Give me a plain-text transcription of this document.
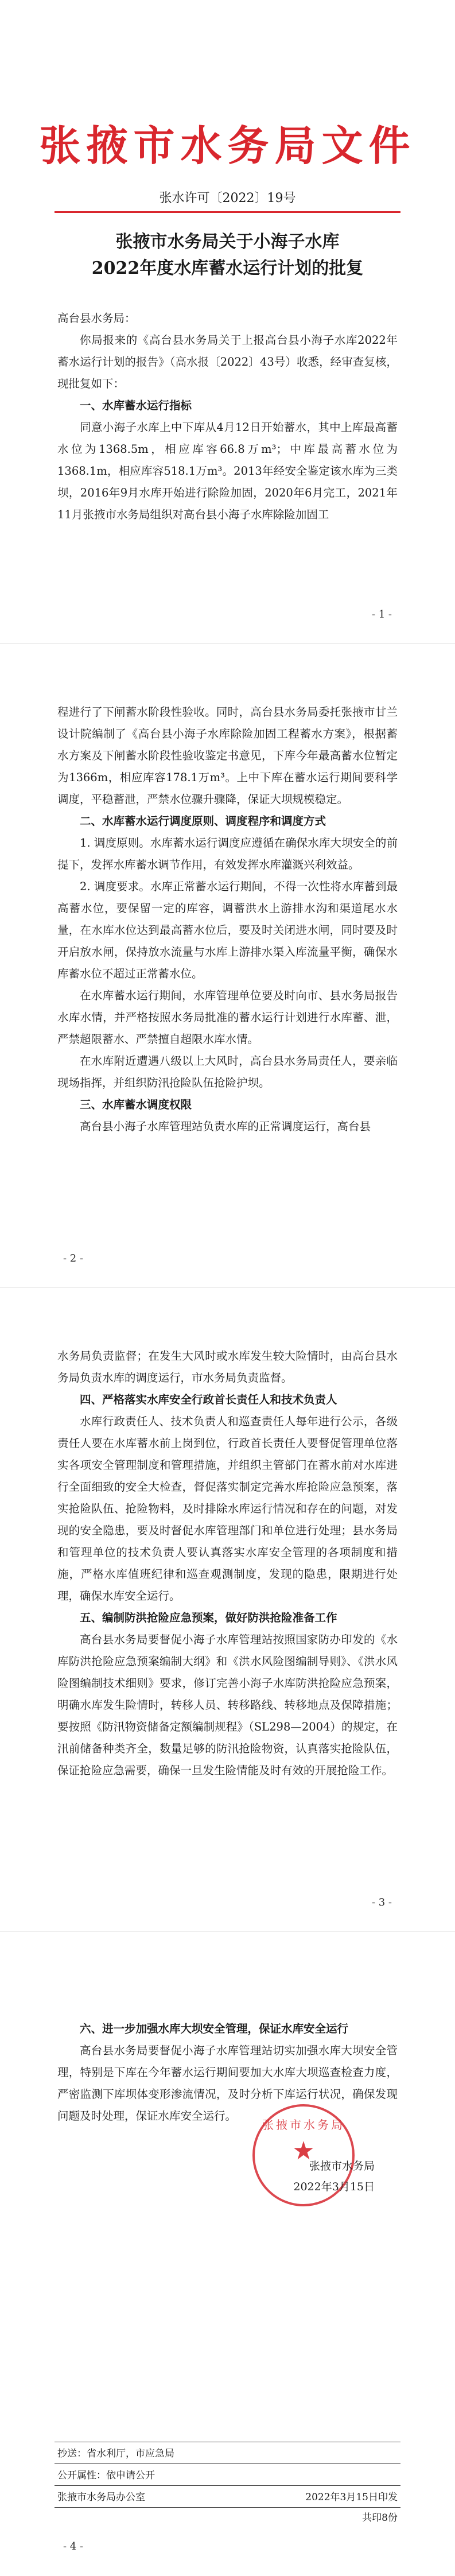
张掖市水务局文件
张水许可〔2022〕19号
张掖市水务局关于小海子水库
2022年度水库蓄水运行计划的批复

高台县水务局：

你局报来的《高台县水务局关于上报高台县小海子水库2022年蓄水运行计划的报告》（高水报〔2022〕43号）收悉，经审查复核，现批复如下：

一、水库蓄水运行指标

同意小海子水库上中下库从4月12日开始蓄水，其中上库最高蓄水位为1368.5m，相应库容66.8万m³；中库最高蓄水位为1368.1m，相应库容518.1万m³。2013年经安全鉴定该水库为三类坝，2016年9月水库开始进行除险加固，2020年6月完工，2021年11月张掖市水务局组织对高台县小海子水库除险加固工

- 1 -

程进行了下闸蓄水阶段性验收。同时，高台县水务局委托张掖市甘兰设计院编制了《高台县小海子水库除险加固工程蓄水方案》，根据蓄水方案及下闸蓄水阶段性验收鉴定书意见，下库今年最高蓄水位暂定为1366m，相应库容178.1万m³。上中下库在蓄水运行期间要科学调度，平稳蓄泄，严禁水位骤升骤降，保证大坝规模稳定。

二、水库蓄水运行调度原则、调度程序和调度方式

1. 调度原则。水库蓄水运行调度应遵循在确保水库大坝安全的前提下，发挥水库蓄水调节作用，有效发挥水库灌溉兴利效益。

2. 调度要求。水库正常蓄水运行期间，不得一次性将水库蓄到最高蓄水位，要保留一定的库容，调蓄洪水上游排水沟和渠道尾水水量，在水库水位达到最高蓄水位后，要及时关闭进水闸，同时要及时开启放水闸，保持放水流量与水库上游排水渠入库流量平衡，确保水库蓄水位不超过正常蓄水位。

在水库蓄水运行期间，水库管理单位要及时向市、县水务局报告水库水情，并严格按照水务局批准的蓄水运行计划进行水库蓄、泄，严禁超限蓄水、严禁擅自超限水库水情。

在水库附近遭遇八级以上大风时，高台县水务局责任人，要亲临现场指挥，并组织防汛抢险队伍抢险护坝。

三、水库蓄水调度权限

高台县小海子水库管理站负责水库的正常调度运行，高台县

- 2 -

水务局负责监督；在发生大风时或水库发生较大险情时，由高台县水务局负责水库的调度运行，市水务局负责监督。

四、严格落实水库安全行政首长责任人和技术负责人

水库行政责任人、技术负责人和巡查责任人每年进行公示，各级责任人要在水库蓄水前上岗到位，行政首长责任人要督促管理单位落实各项安全管理制度和管理措施，并组织主管部门在蓄水前对水库进行全面细致的安全大检查，督促落实制定完善水库抢险应急预案，落实抢险队伍、抢险物料，及时排除水库运行情况和存在的问题，对发现的安全隐患，要及时督促水库管理部门和单位进行处理；县水务局和管理单位的技术负责人要认真落实水库安全管理的各项制度和措施，严格水库值班纪律和巡查观测制度，发现的隐患，限期进行处理，确保水库安全运行。

五、编制防洪抢险应急预案，做好防洪抢险准备工作

高台县水务局要督促小海子水库管理站按照国家防办印发的《水库防洪抢险应急预案编制大纲》和《洪水风险图编制导则》、《洪水风险图编制技术细则》要求，修订完善小海子水库防洪抢险应急预案，明确水库发生险情时，转移人员、转移路线、转移地点及保障措施；要按照《防汛物资储备定额编制规程》（SL298—2004）的规定，在汛前储备种类齐全，数量足够的防汛抢险物资，认真落实抢险队伍，保证抢险应急需要，确保一旦发生险情能及时有效的开展抢险工作。

- 3 -

六、进一步加强水库大坝安全管理，保证水库安全运行

高台县水务局要督促小海子水库管理站切实加强水库大坝安全管理，特别是下库在今年蓄水运行期间要加大水库大坝巡查检查力度，严密监测下库坝体变形渗流情况，及时分析下库运行状况，确保发现问题及时处理，保证水库安全运行。

张掖市水务局
★
张掖市水务局
2022年3月15日
抄送：省水利厅，市应急局
公开属性：依申请公开
张掖市水务局办公室	2022年3月15日印发
共印8份
- 4 -
